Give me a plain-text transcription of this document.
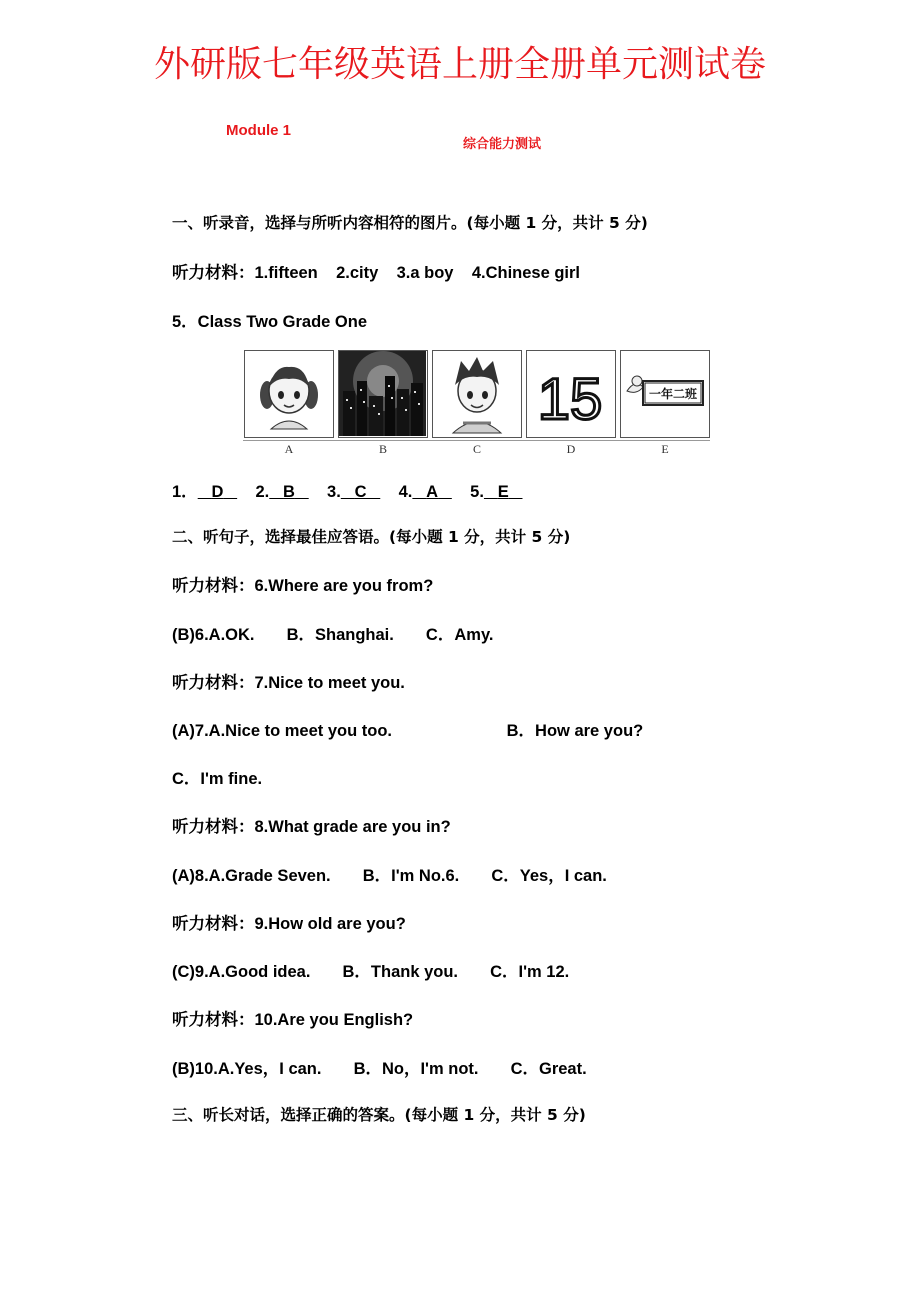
外研版七年级英语上册全册单元测试卷
Module 1
综合能力测试
一、听录音，选择与所听内容相符的图片。(每小题 1 分，共计 5 分)
听力材料：1.fifteen    2.city    3.a boy    4.Chinese girl
5．Class Two Grade One
15	一年二班
A	B	C	D	E
1． D 2. B 3. C 4. A 5. E
二、听句子，选择最佳应答语。(每小题 1 分，共计 5 分)
听力材料：6.Where are you from?
(B)6.A.OK.       B．Shanghai.       C．Amy.
听力材料：7.Nice to meet you.
(A)7.A.Nice to meet you too.                         B．How are you?
C．I'm fine.
听力材料：8.What grade are you in?
(A)8.A.Grade Seven.       B．I'm No.6.       C．Yes，I can.
听力材料：9.How old are you?
(C)9.A.Good idea.       B．Thank you.       C．I'm 12.
听力材料：10.Are you English?
(B)10.A.Yes，I can.       B．No，I'm not.       C．Great.
三、听长对话，选择正确的答案。(每小题 1 分，共计 5 分)
